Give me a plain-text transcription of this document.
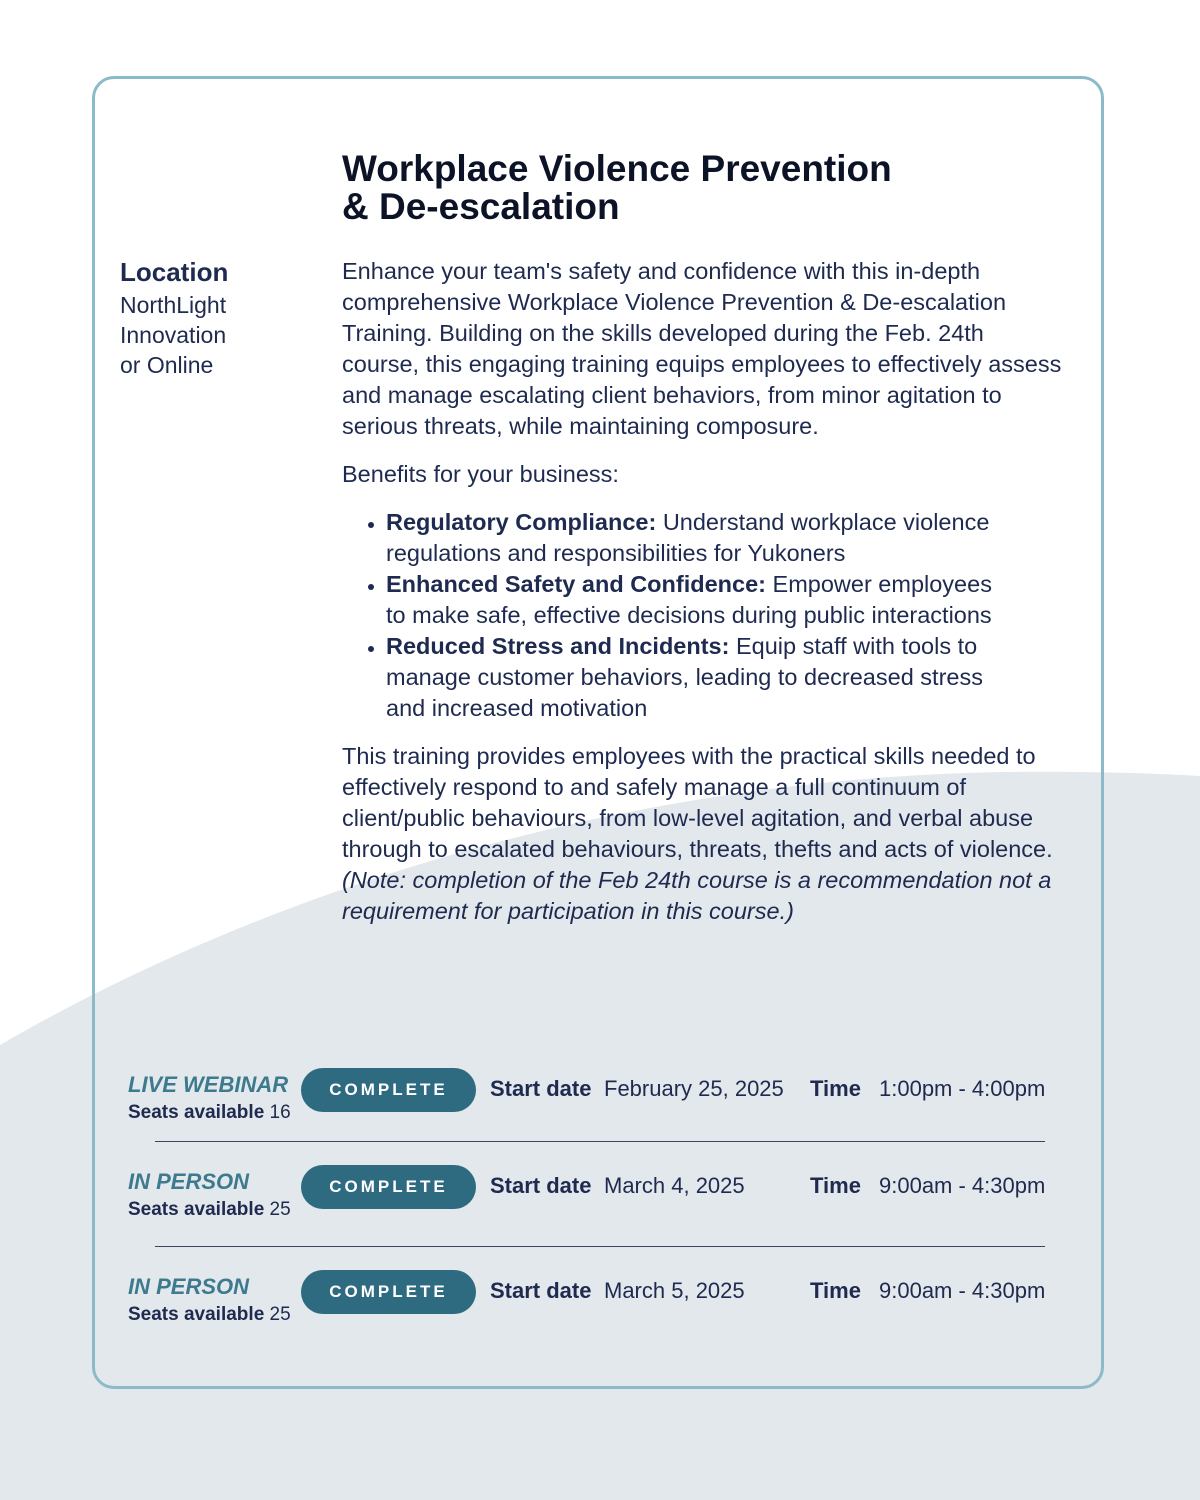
Workplace Violence Prevention
& De-escalation
Location
NorthLight
Innovation
or Online

Enhance your team's safety and confidence with this in-depth comprehensive Workplace Violence Prevention & De-escalation Training. Building on the skills developed during the Feb. 24th course, this engaging training equips employees to effectively assess and manage escalating client behaviors, from minor agitation to serious threats, while maintaining composure.

Benefits for your business:

• Regulatory Compliance: Understand workplace violence regulations and responsibilities for Yukoners
• Enhanced Safety and Confidence: Empower employees to make safe, effective decisions during public interactions
• Reduced Stress and Incidents: Equip staff with tools to manage customer behaviors, leading to decreased stress and increased motivation

This training provides employees with the practical skills needed to effectively respond to and safely manage a full continuum of client/public behaviours, from low-level agitation, and verbal abuse through to escalated behaviours, threats, thefts and acts of violence. (Note: completion of the Feb 24th course is a recommendation not a requirement for participation in this course.)

LIVE WEBINAR
Seats available 16
COMPLETE	Start date February 25, 2025 Time 1:00pm - 4:00pm
IN PERSON
Seats available 25
COMPLETE	Start date March 4, 2025	Time 9:00am - 4:30pm
IN PERSON
Seats available 25
COMPLETE	Start date March 5, 2025	Time 9:00am - 4:30pm
